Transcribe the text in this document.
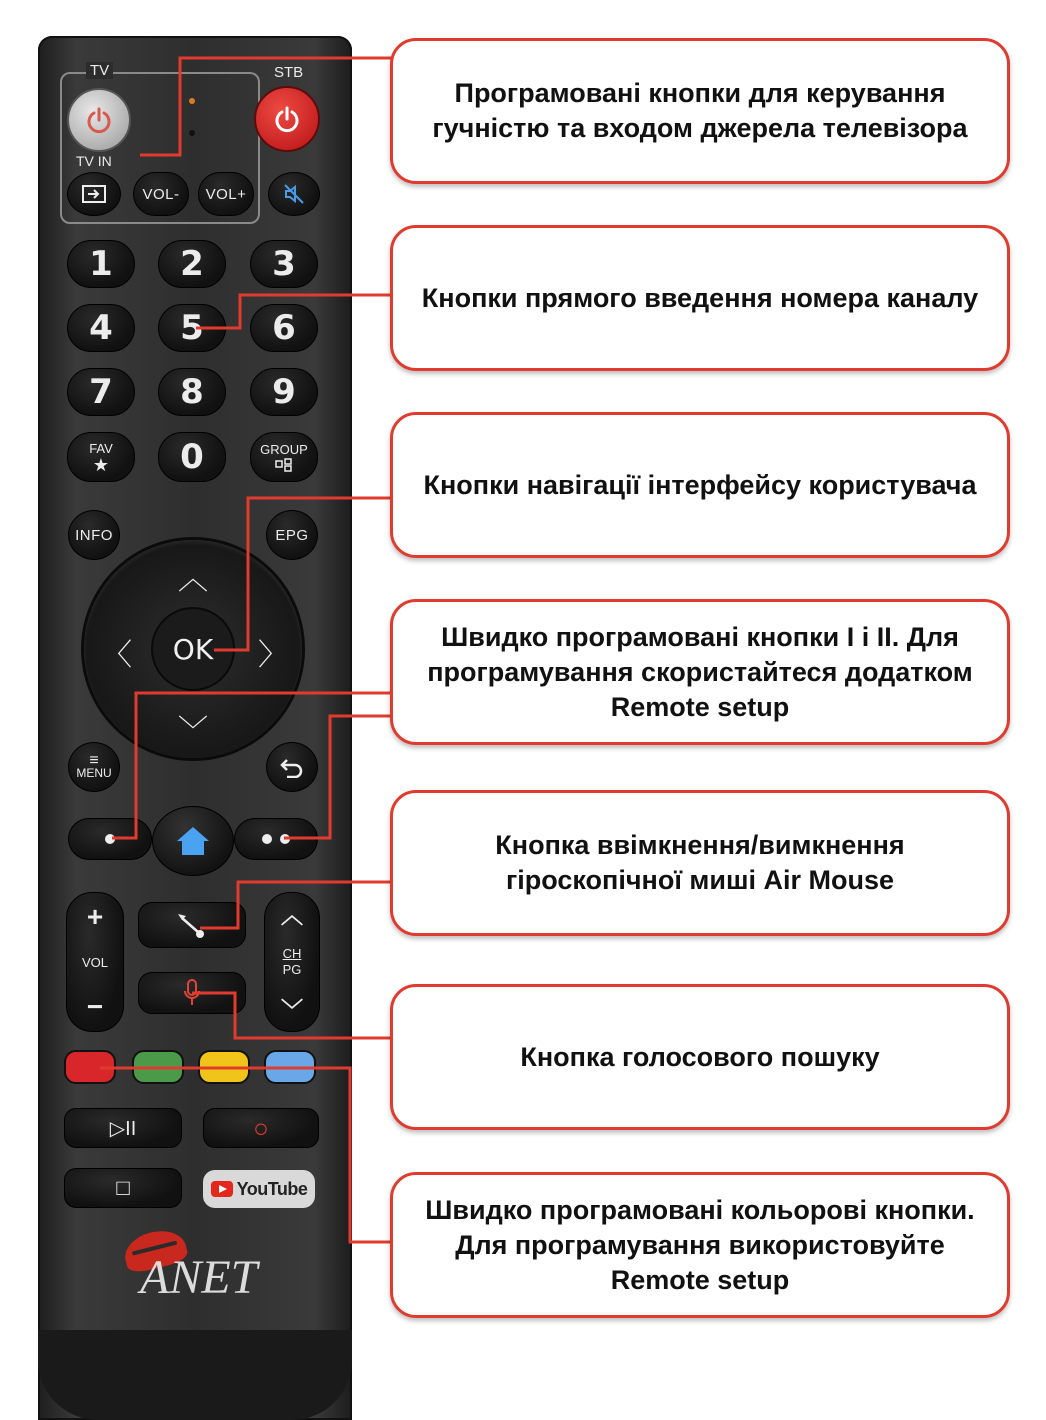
TV	STB
TV IN
VOL-	VOL+
1	2	3
4	5	6
7	8	9
FAV
★	0	GROUP
INFO	EPG
︿
﹀
〈	〉
OK
≡
MENU
+
VOL
−
︿
CH
PG
﹀
▷II	○
□	YouTube
ANET
Програмовані кнопки для керування гучністю та входом джерела телевізора
Кнопки прямого введення номера каналу
Кнопки навігації інтерфейсу користувача
Швидко програмовані кнопки I і II. Для програмування скористайтеся додатком Remote setup
Кнопка ввімкнення/вимкнення гіроскопічної миші Air Mouse
Кнопка голосового пошуку
Швидко програмовані кольорові кнопки. Для програмування використовуйте Remote setup
